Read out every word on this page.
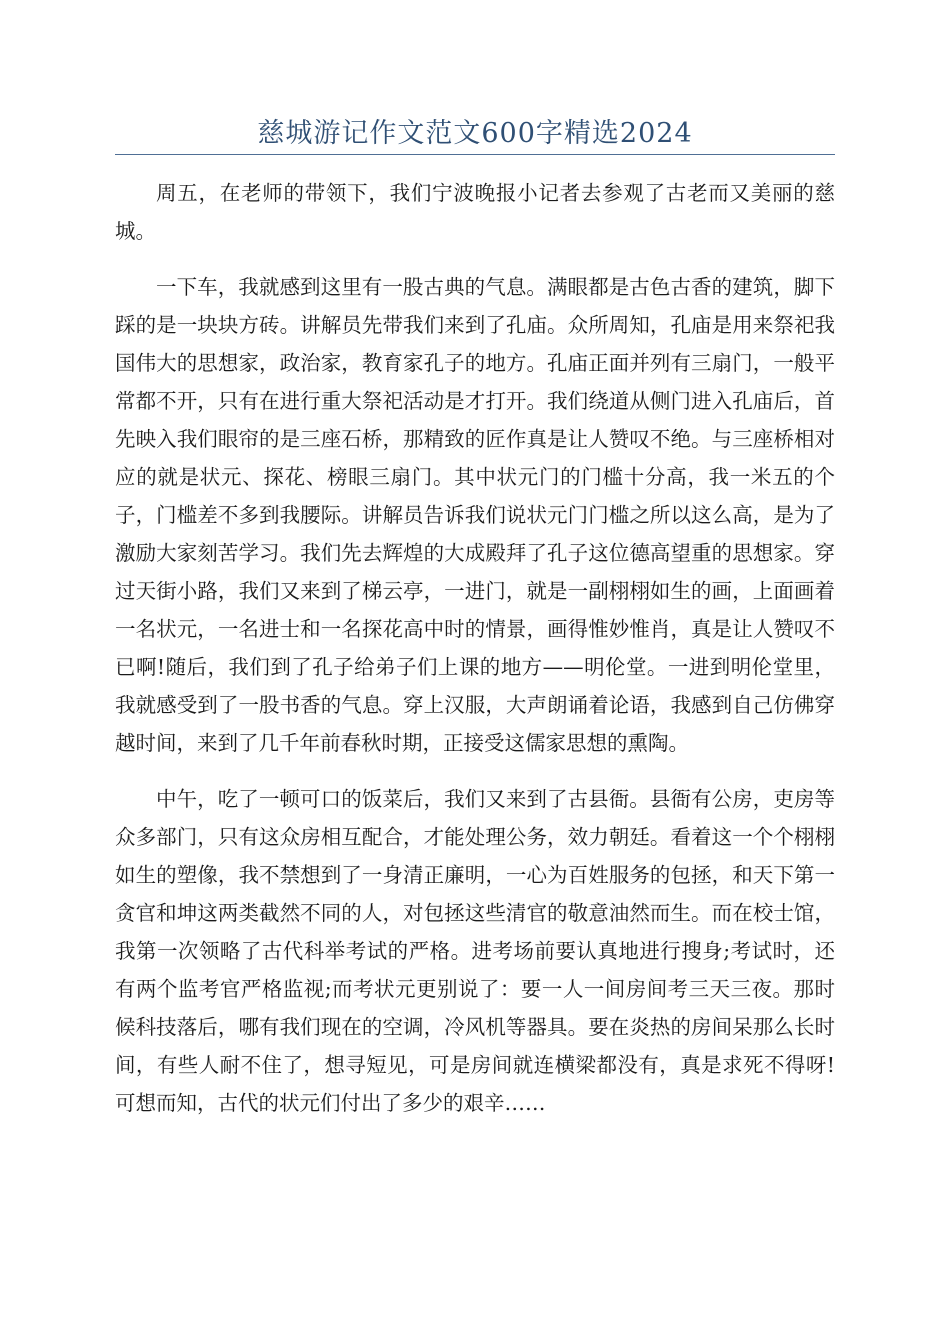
慈城游记作文范文600字精选2024

周五，在老师的带领下，我们宁波晚报小记者去参观了古老而又美丽的慈城。

一下车，我就感到这里有一股古典的气息。满眼都是古色古香的建筑，脚下踩的是一块块方砖。讲解员先带我们来到了孔庙。众所周知，孔庙是用来祭祀我国伟大的思想家，政治家，教育家孔子的地方。孔庙正面并列有三扇门，一般平常都不开，只有在进行重大祭祀活动是才打开。我们绕道从侧门进入孔庙后，首先映入我们眼帘的是三座石桥，那精致的匠作真是让人赞叹不绝。与三座桥相对应的就是状元、探花、榜眼三扇门。其中状元门的门槛十分高，我一米五的个子，门槛差不多到我腰际。讲解员告诉我们说状元门门槛之所以这么高，是为了激励大家刻苦学习。我们先去辉煌的大成殿拜了孔子这位德高望重的思想家。穿过天街小路，我们又来到了梯云亭，一进门，就是一副栩栩如生的画，上面画着一名状元，一名进士和一名探花高中时的情景，画得惟妙惟肖，真是让人赞叹不已啊!随后，我们到了孔子给弟子们上课的地方——明伦堂。一进到明伦堂里，我就感受到了一股书香的气息。穿上汉服，大声朗诵着论语，我感到自己仿佛穿越时间，来到了几千年前春秋时期，正接受这儒家思想的熏陶。

中午，吃了一顿可口的饭菜后，我们又来到了古县衙。县衙有公房，吏房等众多部门，只有这众房相互配合，才能处理公务，效力朝廷。看着这一个个栩栩如生的塑像，我不禁想到了一身清正廉明，一心为百姓服务的包拯，和天下第一贪官和坤这两类截然不同的人，对包拯这些清官的敬意油然而生。而在校士馆，我第一次领略了古代科举考试的严格。进考场前要认真地进行搜身;考试时，还有两个监考官严格监视;而考状元更别说了：要一人一间房间考三天三夜。那时候科技落后，哪有我们现在的空调，冷风机等器具。要在炎热的房间呆那么长时间，有些人耐不住了，想寻短见，可是房间就连横梁都没有，真是求死不得呀!可想而知，古代的状元们付出了多少的艰辛……
